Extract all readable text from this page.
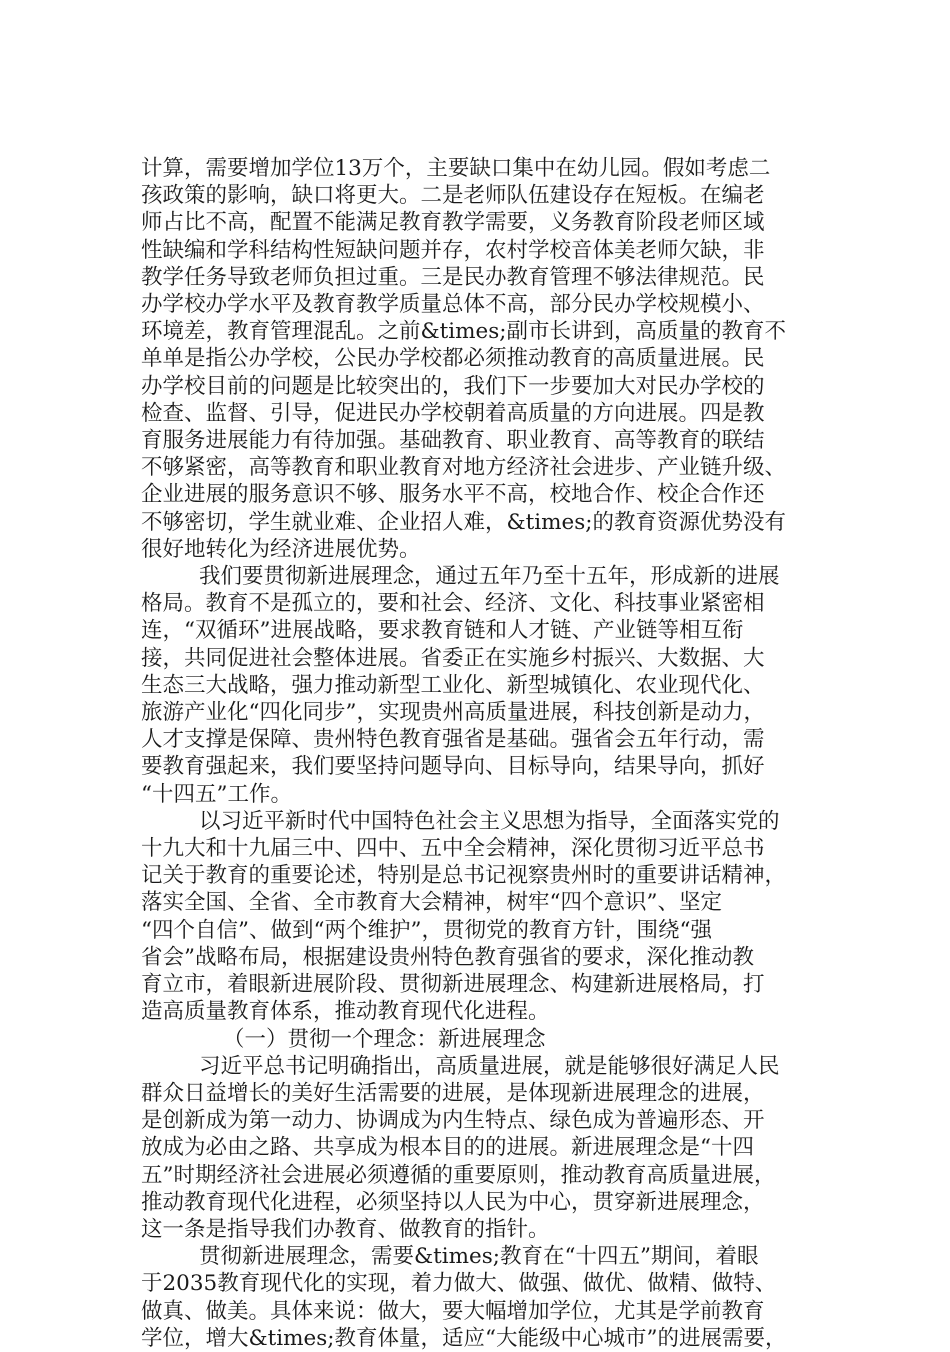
计算，需要增加学位13万个，主要缺口集中在幼儿园。假如考虑二
孩政策的影响，缺口将更大。二是老师队伍建设存在短板。在编老
师占比不高，配置不能满足教育教学需要，义务教育阶段老师区域
性缺编和学科结构性短缺问题并存，农村学校音体美老师欠缺，非
教学任务导致老师负担过重。三是民办教育管理不够法律规范。民
办学校办学水平及教育教学质量总体不高，部分民办学校规模小、
环境差，教育管理混乱。之前&times;副市长讲到，高质量的教育不
单单是指公办学校，公民办学校都必须推动教育的高质量进展。民
办学校目前的问题是比较突出的，我们下一步要加大对民办学校的
检查、监督、引导，促进民办学校朝着高质量的方向进展。四是教
育服务进展能力有待加强。基础教育、职业教育、高等教育的联结
不够紧密，高等教育和职业教育对地方经济社会进步、产业链升级、
企业进展的服务意识不够、服务水平不高，校地合作、校企合作还
不够密切，学生就业难、企业招人难，&times;的教育资源优势没有
很好地转化为经济进展优势。
我们要贯彻新进展理念，通过五年乃至十五年，形成新的进展
格局。教育不是孤立的，要和社会、经济、文化、科技事业紧密相
连，“双循环”进展战略，要求教育链和人才链、产业链等相互衔
接，共同促进社会整体进展。省委正在实施乡村振兴、大数据、大
生态三大战略，强力推动新型工业化、新型城镇化、农业现代化、
旅游产业化“四化同步”，实现贵州高质量进展，科技创新是动力，
人才支撑是保障、贵州特色教育强省是基础。强省会五年行动，需
要教育强起来，我们要坚持问题导向、目标导向，结果导向，抓好
“十四五”工作。
以习近平新时代中国特色社会主义思想为指导，全面落实党的
十九大和十九届三中、四中、五中全会精神，深化贯彻习近平总书
记关于教育的重要论述，特别是总书记视察贵州时的重要讲话精神，
落实全国、全省、全市教育大会精神，树牢“四个意识”、坚定
“四个自信”、做到“两个维护”，贯彻党的教育方针，围绕“强
省会”战略布局，根据建设贵州特色教育强省的要求，深化推动教
育立市，着眼新进展阶段、贯彻新进展理念、构建新进展格局，打
造高质量教育体系，推动教育现代化进程。
（一）贯彻一个理念：新进展理念
习近平总书记明确指出，高质量进展，就是能够很好满足人民
群众日益增长的美好生活需要的进展，是体现新进展理念的进展，
是创新成为第一动力、协调成为内生特点、绿色成为普遍形态、开
放成为必由之路、共享成为根本目的的进展。新进展理念是“十四
五”时期经济社会进展必须遵循的重要原则，推动教育高质量进展，
推动教育现代化进程，必须坚持以人民为中心，贯穿新进展理念，
这一条是指导我们办教育、做教育的指针。
贯彻新进展理念，需要&times;教育在“十四五”期间，着眼
于2035教育现代化的实现，着力做大、做强、做优、做精、做特、
做真、做美。具体来说：做大，要大幅增加学位，尤其是学前教育
学位，增大&times;教育体量，适应“大能级中心城市”的进展需要，
